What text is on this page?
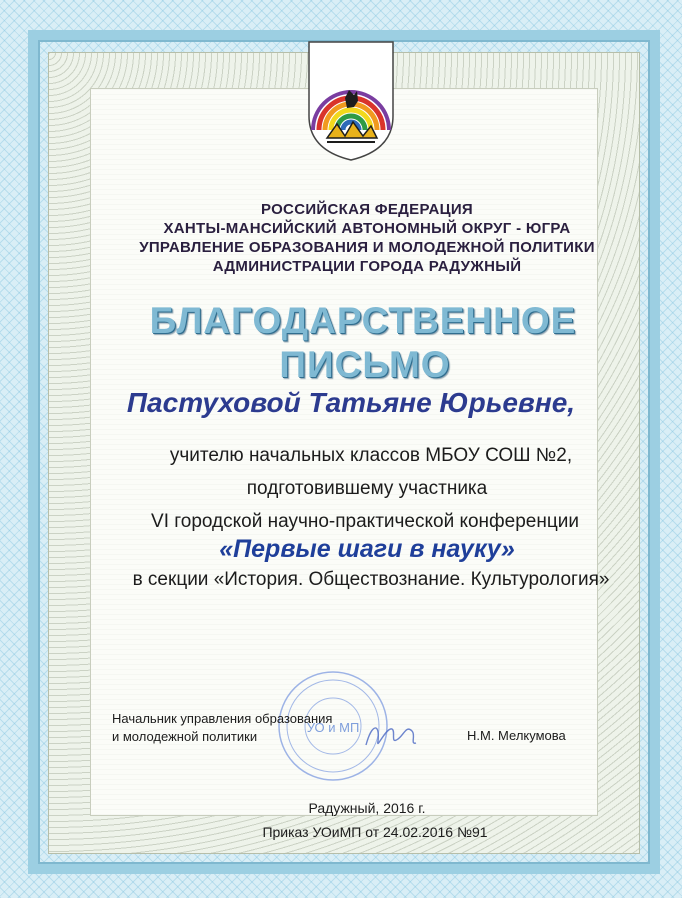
РОССИЙСКАЯ ФЕДЕРАЦИЯ
ХАНТЫ-МАНСИЙСКИЙ АВТОНОМНЫЙ ОКРУГ - ЮГРА
УПРАВЛЕНИЕ ОБРАЗОВАНИЯ И МОЛОДЕЖНОЙ ПОЛИТИКИ
АДМИНИСТРАЦИИ ГОРОДА РАДУЖНЫЙ
БЛАГОДАРСТВЕННОЕ
ПИСЬМО
Пастуховой Татьяне Юрьевне,
учителю начальных классов МБОУ СОШ №2,
подготовившему участника
VI городской научно-практической конференции
«Первые шаги в науку»
в секции «История. Обществознание. Культурология»
УО и МП
Начальник управления образования
и молодежной политики	Н.М. Мелкумова
Радужный, 2016 г.
Приказ УОиМП от 24.02.2016 №91
